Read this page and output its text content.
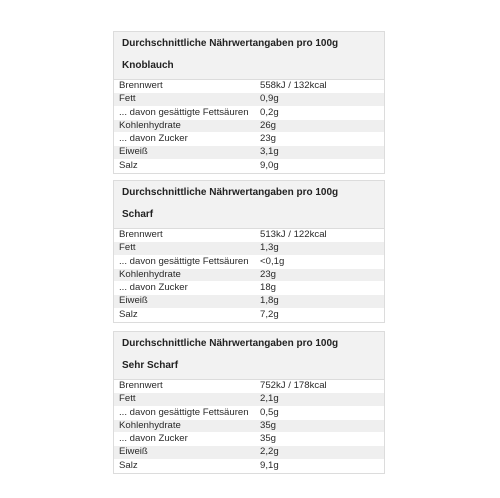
Durchschnittliche Nährwertangaben pro 100g
Knoblauch
Brennwert	558kJ / 132kcal
Fett	0,9g
... davon gesättigte Fettsäuren 0,2g
Kohlenhydrate	26g
... davon Zucker	23g
Eiweiß	3,1g
Salz	9,0g
Durchschnittliche Nährwertangaben pro 100g
Scharf
Brennwert	513kJ / 122kcal
Fett	1,3g
... davon gesättigte Fettsäuren <0,1g
Kohlenhydrate	23g
... davon Zucker	18g
Eiweiß	1,8g
Salz	7,2g
Durchschnittliche Nährwertangaben pro 100g
Sehr Scharf
Brennwert	752kJ / 178kcal
Fett	2,1g
... davon gesättigte Fettsäuren 0,5g
Kohlenhydrate	35g
... davon Zucker	35g
Eiweiß	2,2g
Salz	9,1g
